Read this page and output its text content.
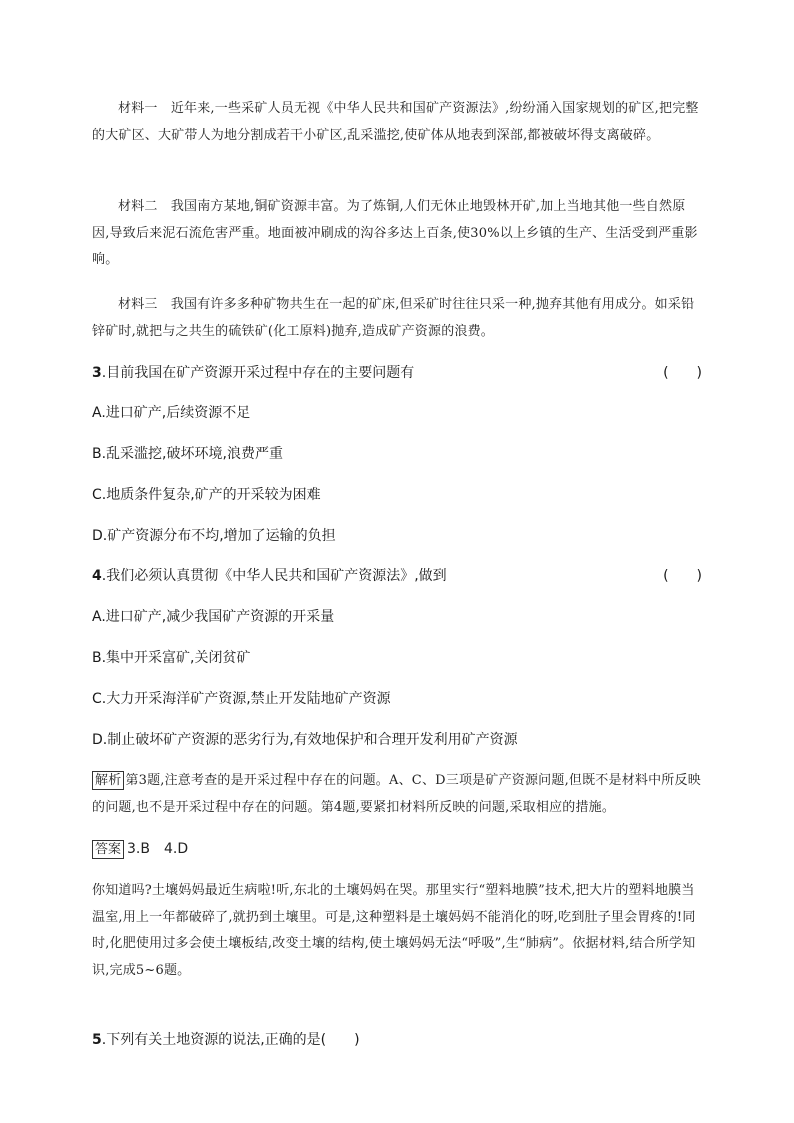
材料一　 近年来,一些采矿人员无视《中华人民共和国矿产资源法》,纷纷涌入国家规划的矿区,把完整的大矿区、大矿带人为地分割成若干小矿区,乱采滥挖,使矿体从地表到深部,都被破坏得支离破碎。

材料二　 我国南方某地,铜矿资源丰富。为了炼铜,人们无休止地毁林开矿,加上当地其他一些自然原因,导致后来泥石流危害严重。地面被冲刷成的沟谷多达上百条,使30%以上乡镇的生产、生活受到严重影响。

材料三　 我国有许多多种矿物共生在一起的矿床,但采矿时往往只采一种,抛弃其他有用成分。如采铅锌矿时,就把与之共生的硫铁矿(化工原料)抛弃,造成矿产资源的浪费。

3.目前我国在矿产资源开采过程中存在的主要问题有	(　　)
A.进口矿产,后续资源不足
B.乱采滥挖,破坏环境,浪费严重
C.地质条件复杂,矿产的开采较为困难
D.矿产资源分布不均,增加了运输的负担
4.我们必须认真贯彻《中华人民共和国矿产资源法》,做到	(　　)
A.进口矿产,减少我国矿产资源的开采量
B.集中开采富矿,关闭贫矿
C.大力开采海洋矿产资源,禁止开发陆地矿产资源
D.制止破坏矿产资源的恶劣行为,有效地保护和合理开发利用矿产资源

解析 第3题,注意考查的是开采过程中存在的问题。A、C、D三项是矿产资源问题,但既不是材料中所反映的问题,也不是开采过程中存在的问题。第4题,要紧扣材料所反映的问题,采取相应的措施。

答案 3.B　4.D

你知道吗?土壤妈妈最近生病啦!听,东北的土壤妈妈在哭。那里实行“塑料地膜”技术,把大片的塑料地膜当温室,用上一年都破碎了,就扔到土壤里。可是,这种塑料是土壤妈妈不能消化的呀,吃到肚子里会胃疼的!同时,化肥使用过多会使土壤板结,改变土壤的结构,使土壤妈妈无法“呼吸”,生“肺病”。依据材料,结合所学知识,完成5~6题。

5.下列有关土地资源的说法,正确的是(　　)
